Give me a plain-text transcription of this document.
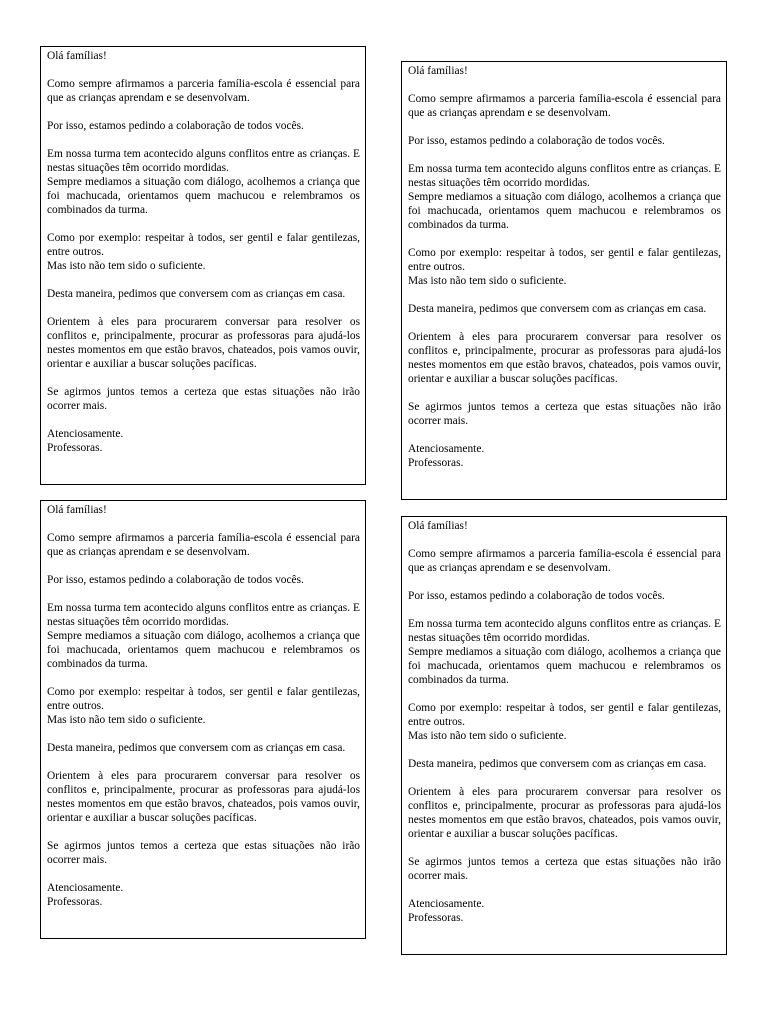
Olá famílias!

Como sempre afirmamos a parceria família-escola é essencial para que as crianças aprendam e se desenvolvam.

Por isso, estamos pedindo a colaboração de todos vocês.

Em nossa turma tem acontecido alguns conflitos entre as crianças. E nestas situações têm ocorrido mordidas.
Sempre mediamos a situação com diálogo, acolhemos a criança que foi machucada, orientamos quem machucou e relembramos os combinados da turma.

Como por exemplo: respeitar à todos, ser gentil e falar gentilezas, entre outros.
Mas isto não tem sido o suficiente.

Desta maneira, pedimos que conversem com as crianças em casa.

Orientem à eles para procurarem conversar para resolver os conflitos e, principalmente, procurar as professoras para ajudá-los nestes momentos em que estão bravos, chateados, pois vamos ouvir, orientar e auxiliar a buscar soluções pacíficas.

Se agirmos juntos temos a certeza que estas situações não irão ocorrer mais.

Atenciosamente.
Professoras.

Olá famílias!

Como sempre afirmamos a parceria família-escola é essencial para que as crianças aprendam e se desenvolvam.

Por isso, estamos pedindo a colaboração de todos vocês.

Em nossa turma tem acontecido alguns conflitos entre as crianças. E nestas situações têm ocorrido mordidas.
Sempre mediamos a situação com diálogo, acolhemos a criança que foi machucada, orientamos quem machucou e relembramos os combinados da turma.

Como por exemplo: respeitar à todos, ser gentil e falar gentilezas, entre outros.
Mas isto não tem sido o suficiente.

Desta maneira, pedimos que conversem com as crianças em casa.

Orientem à eles para procurarem conversar para resolver os conflitos e, principalmente, procurar as professoras para ajudá-los nestes momentos em que estão bravos, chateados, pois vamos ouvir, orientar e auxiliar a buscar soluções pacíficas.

Se agirmos juntos temos a certeza que estas situações não irão ocorrer mais.

Atenciosamente.
Professoras.

Olá famílias!

Como sempre afirmamos a parceria família-escola é essencial para que as crianças aprendam e se desenvolvam.

Por isso, estamos pedindo a colaboração de todos vocês.

Em nossa turma tem acontecido alguns conflitos entre as crianças. E nestas situações têm ocorrido mordidas.
Sempre mediamos a situação com diálogo, acolhemos a criança que foi machucada, orientamos quem machucou e relembramos os combinados da turma.

Como por exemplo: respeitar à todos, ser gentil e falar gentilezas, entre outros.
Mas isto não tem sido o suficiente.

Desta maneira, pedimos que conversem com as crianças em casa.

Orientem à eles para procurarem conversar para resolver os conflitos e, principalmente, procurar as professoras para ajudá-los nestes momentos em que estão bravos, chateados, pois vamos ouvir, orientar e auxiliar a buscar soluções pacíficas.

Se agirmos juntos temos a certeza que estas situações não irão ocorrer mais.

Atenciosamente.
Professoras.

Olá famílias!

Como sempre afirmamos a parceria família-escola é essencial para que as crianças aprendam e se desenvolvam.

Por isso, estamos pedindo a colaboração de todos vocês.

Em nossa turma tem acontecido alguns conflitos entre as crianças. E nestas situações têm ocorrido mordidas.
Sempre mediamos a situação com diálogo, acolhemos a criança que foi machucada, orientamos quem machucou e relembramos os combinados da turma.

Como por exemplo: respeitar à todos, ser gentil e falar gentilezas, entre outros.
Mas isto não tem sido o suficiente.

Desta maneira, pedimos que conversem com as crianças em casa.

Orientem à eles para procurarem conversar para resolver os conflitos e, principalmente, procurar as professoras para ajudá-los nestes momentos em que estão bravos, chateados, pois vamos ouvir, orientar e auxiliar a buscar soluções pacíficas.

Se agirmos juntos temos a certeza que estas situações não irão ocorrer mais.

Atenciosamente.
Professoras.
